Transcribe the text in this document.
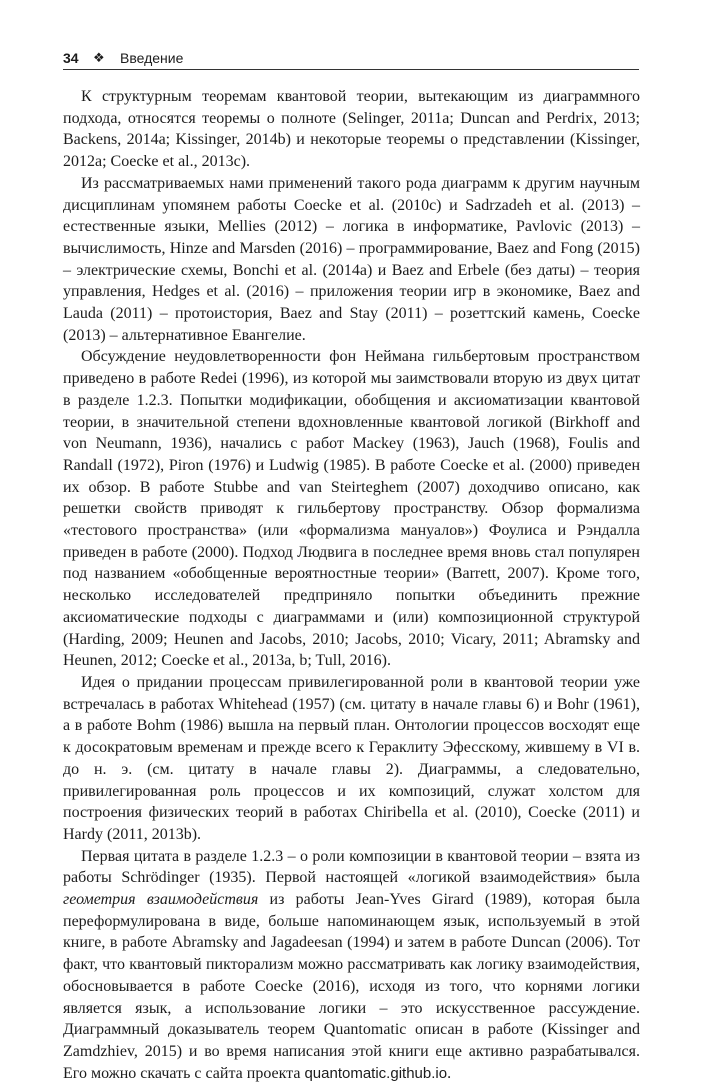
34 ❖ Введение

К структурным теоремам квантовой теории, вытекающим из диаграммного подхода, относятся теоремы о полноте (Selinger, 2011a; Duncan and Perdrix, 2013; Backens, 2014a; Kissinger, 2014b) и некоторые теоремы о представлении (Kissinger, 2012a; Coecke et al., 2013c).

Из рассматриваемых нами применений такого рода диаграмм к другим научным дисциплинам упомянем работы Coecke et al. (2010c) и Sadrzadeh et al. (2013) – естественные языки, Mellies (2012) – логика в информатике, Pavlovic (2013) – вычислимость, Hinze and Marsden (2016) – программирование, Baez and Fong (2015) – электрические схемы, Bonchi et al. (2014a) и Baez and Erbele (без даты) – теория управления, Hedges et al. (2016) – приложения теории игр в экономике, Baez and Lauda (2011) – протоистория, Baez and Stay (2011) – розеттский камень, Coecke (2013) – альтернативное Евангелие.

Обсуждение неудовлетворенности фон Неймана гильбертовым пространством приведено в работе Redei (1996), из которой мы заимствовали вторую из двух цитат в разделе 1.2.3. Попытки модификации, обобщения и аксиоматизации квантовой теории, в значительной степени вдохновленные квантовой логикой (Birkhoff and von Neumann, 1936), начались с работ Mackey (1963), Jauch (1968), Foulis and Randall (1972), Piron (1976) и Ludwig (1985). В работе Coecke et al. (2000) приведен их обзор. В работе Stubbe and van Steirteghem (2007) доходчиво описано, как решетки свойств приводят к гильбертову пространству. Обзор формализма «тестового пространства» (или «формализма мануалов») Фоулиса и Рэндалла приведен в работе (2000). Подход Людвига в последнее время вновь стал популярен под названием «обобщенные вероятностные теории» (Barrett, 2007). Кроме того, несколько исследователей предприняло попытки объединить прежние аксиоматические подходы с диаграммами и (или) композиционной структурой (Harding, 2009; Heunen and Jacobs, 2010; Jacobs, 2010; Vicary, 2011; Abramsky and Heunen, 2012; Coecke et al., 2013a, b; Tull, 2016).

Идея о придании процессам привилегированной роли в квантовой теории уже встречалась в работах Whitehead (1957) (см. цитату в начале главы 6) и Bohr (1961), а в работе Bohm (1986) вышла на первый план. Онтологии процессов восходят еще к досократовым временам и прежде всего к Гераклиту Эфесскому, жившему в VI в. до н. э. (см. цитату в начале главы 2). Диаграммы, а следовательно, привилегированная роль процессов и их композиций, служат холстом для построения физических теорий в работах Chiribella et al. (2010), Coecke (2011) и Hardy (2011, 2013b).

Первая цитата в разделе 1.2.3 – о роли композиции в квантовой теории – взята из работы Schrödinger (1935). Первой настоящей «логикой взаимодействия» была геометрия взаимодействия из работы Jean-Yves Girard (1989), которая была переформулирована в виде, больше напоминающем язык, используемый в этой книге, в работе Abramsky and Jagadeesan (1994) и затем в работе Duncan (2006). Тот факт, что квантовый пикторализм можно рассматривать как логику взаимодействия, обосновывается в работе Coecke (2016), исходя из того, что корнями логики является язык, а использование логики – это искусственное рассуждение. Диаграммный доказыватель теорем Quantomatic описан в работе (Kissinger and Zamdzhiev, 2015) и во время написания этой книги еще активно разрабатывался. Его можно скачать с сайта проекта quantomatic.github.io.
